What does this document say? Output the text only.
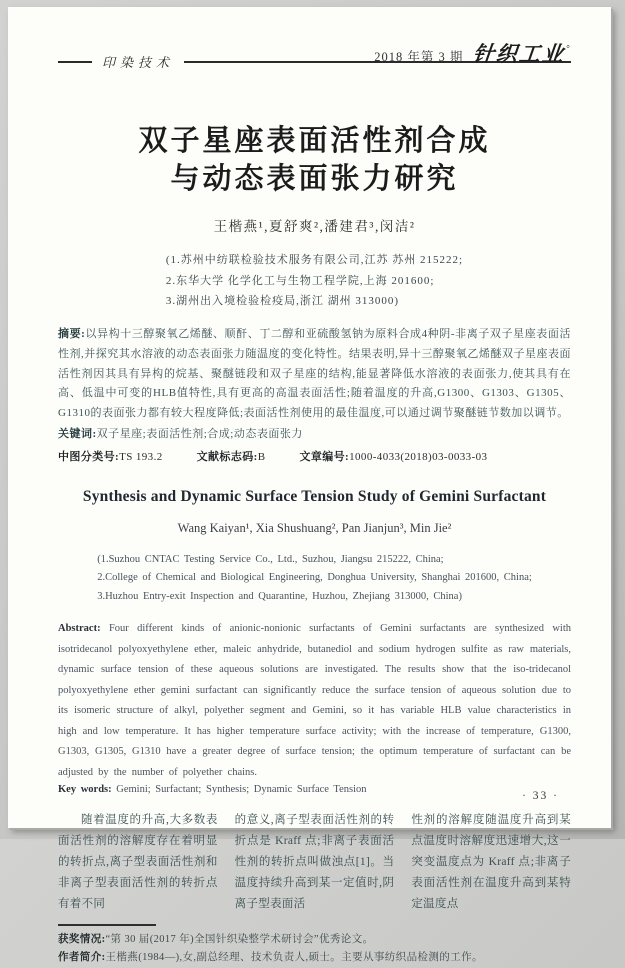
印染技术	2018 年第 3 期 针织工业°
双子星座表面活性剂合成
与动态表面张力研究
王楷燕¹,夏舒爽²,潘建君³,闵洁²
(1.苏州中纺联检验技术服务有限公司,江苏 苏州 215222;
2.东华大学 化学化工与生物工程学院,上海 201600;
3.湖州出入境检验检疫局,浙江 湖州 313000)

摘要:以异构十三醇聚氧乙烯醚、顺酐、丁二醇和亚硫酸氢钠为原料合成4种阴-非离子双子星座表面活性剂,并探究其水溶液的动态表面张力随温度的变化特性。结果表明,异十三醇聚氧乙烯醚双子星座表面活性剂因其具有异构的烷基、聚醚链段和双子星座的结构,能显著降低水溶液的表面张力,使其具有在高、低温中可变的HLB值特性,具有更高的高温表面活性;随着温度的升高,G1300、G1303、G1305、G1310的表面张力都有较大程度降低;表面活性剂使用的最佳温度,可以通过调节聚醚链节数加以调节。

关键词:双子星座;表面活性剂;合成;动态表面张力

中图分类号:TS 193.2	文献标志码:B	文章编号:1000-4033(2018)03-0033-03

Synthesis and Dynamic Surface Tension Study of Gemini Surfactant
Wang Kaiyan¹, Xia Shushuang², Pan Jianjun³, Min Jie²
(1.Suzhou CNTAC Testing Service Co., Ltd., Suzhou, Jiangsu 215222, China;
2.College of Chemical and Biological Engineering, Donghua University, Shanghai 201600, China;
3.Huzhou Entry-exit Inspection and Quarantine, Huzhou, Zhejiang 313000, China)

Abstract: Four different kinds of anionic-nonionic surfactants of Gemini surfactants are synthesized with isotridecanol polyoxyethylene ether, maleic anhydride, butanediol and sodium hydrogen sulfite as raw materials, dynamic surface tension of these aqueous solutions are investigated. The results show that the iso-tridecanol polyoxyethylene ether gemini surfactant can significantly reduce the surface tension of aqueous solution due to its isomeric structure of alkyl, polyether segment and Gemini, so it has variable HLB value characteristics in high and low temperature. It has higher temperature surface activity; with the increase of temperature, G1300, G1303, G1305, G1310 have a greater degree of surface tension; the optimum temperature of surfactant can be adjusted by the number of polyether chains.

Key words: Gemini; Surfactant; Synthesis; Dynamic Surface Tension

随着温度的升高,大多数表面活性剂的溶解度存在着明显的转折点,离子型表面活性剂和非离子型表面活性剂的转折点有着不同

的意义,离子型表面活性剂的转折点是 Kraff 点;非离子表面活性剂的转折点叫做浊点[1]。当温度持续升高到某一定值时,阴离子型表面活

性剂的溶解度随温度升高到某点温度时溶解度迅速增大,这一突变温度点为 Kraff 点;非离子表面活性剂在温度升高到某特定温度点

获奖情况:“第 30 届(2017 年)全国针织染整学术研讨会”优秀论文。

作者简介:王楷燕(1984—),女,副总经理、技术负责人,硕士。主要从事纺织品检测的工作。

· 33 ·
